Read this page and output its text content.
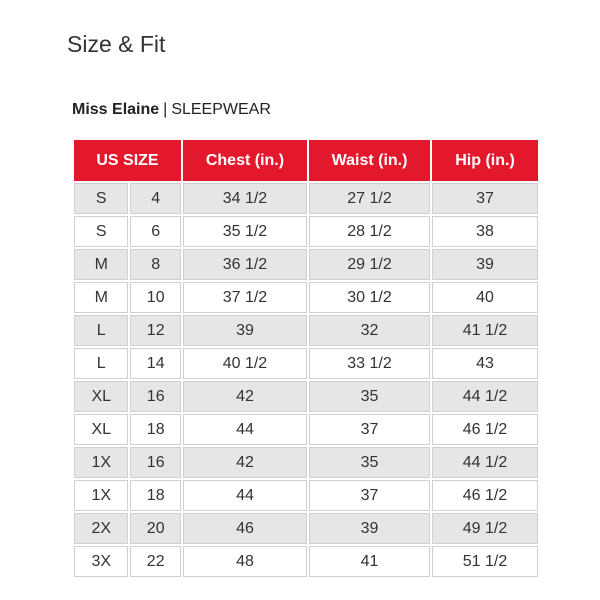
Size & Fit
Miss Elaine | SLEEPWEAR
US SIZE		Chest (in.)	Waist (in.)	Hip (in.)
S	4	34 1/2	27 1/2	37
S	6	35 1/2	28 1/2	38
M	8	36 1/2	29 1/2	39
M	10	37 1/2	30 1/2	40
L	12	39	32	41 1/2
L	14	40 1/2	33 1/2	43
XL	16	42	35	44 1/2
XL	18	44	37	46 1/2
1X	16	42	35	44 1/2
1X	18	44	37	46 1/2
2X	20	46	39	49 1/2
3X	22	48	41	51 1/2
